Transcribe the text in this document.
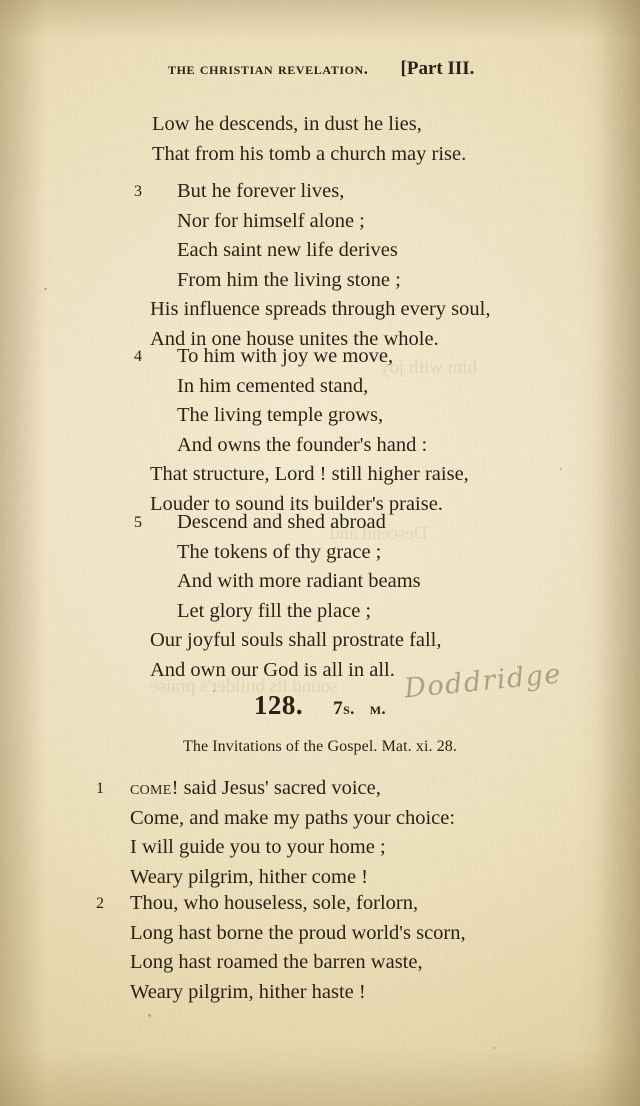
the christian revelation. [Part III.
Low he descends, in dust he lies,
That from his tomb a church may rise.
3 But he forever lives,
Nor for himself alone ;
Each saint new life derives
From him the living stone ;
His influence spreads through every soul,
And in one house unites the whole.
4 To him with joy we move,
In him cemented stand,
The living temple grows,
And owns the founder's hand :
That structure, Lord ! still higher raise,
Louder to sound its builder's praise.
5 Descend and shed abroad
The tokens of thy grace ;
And with more radiant beams
Let glory fill the place ;
Our joyful souls shall prostrate fall,
And own our God is all in all. Doddridge
128. 7s. m.
The Invitations of the Gospel. Mat. xi. 28.
1 come! said Jesus' sacred voice,
Come, and make my paths your choice:
I will guide you to your home ;
Weary pilgrim, hither come !
2 Thou, who houseless, sole, forlorn,
Long hast borne the proud world's scorn,
Long hast roamed the barren waste,
Weary pilgrim, hither haste !
